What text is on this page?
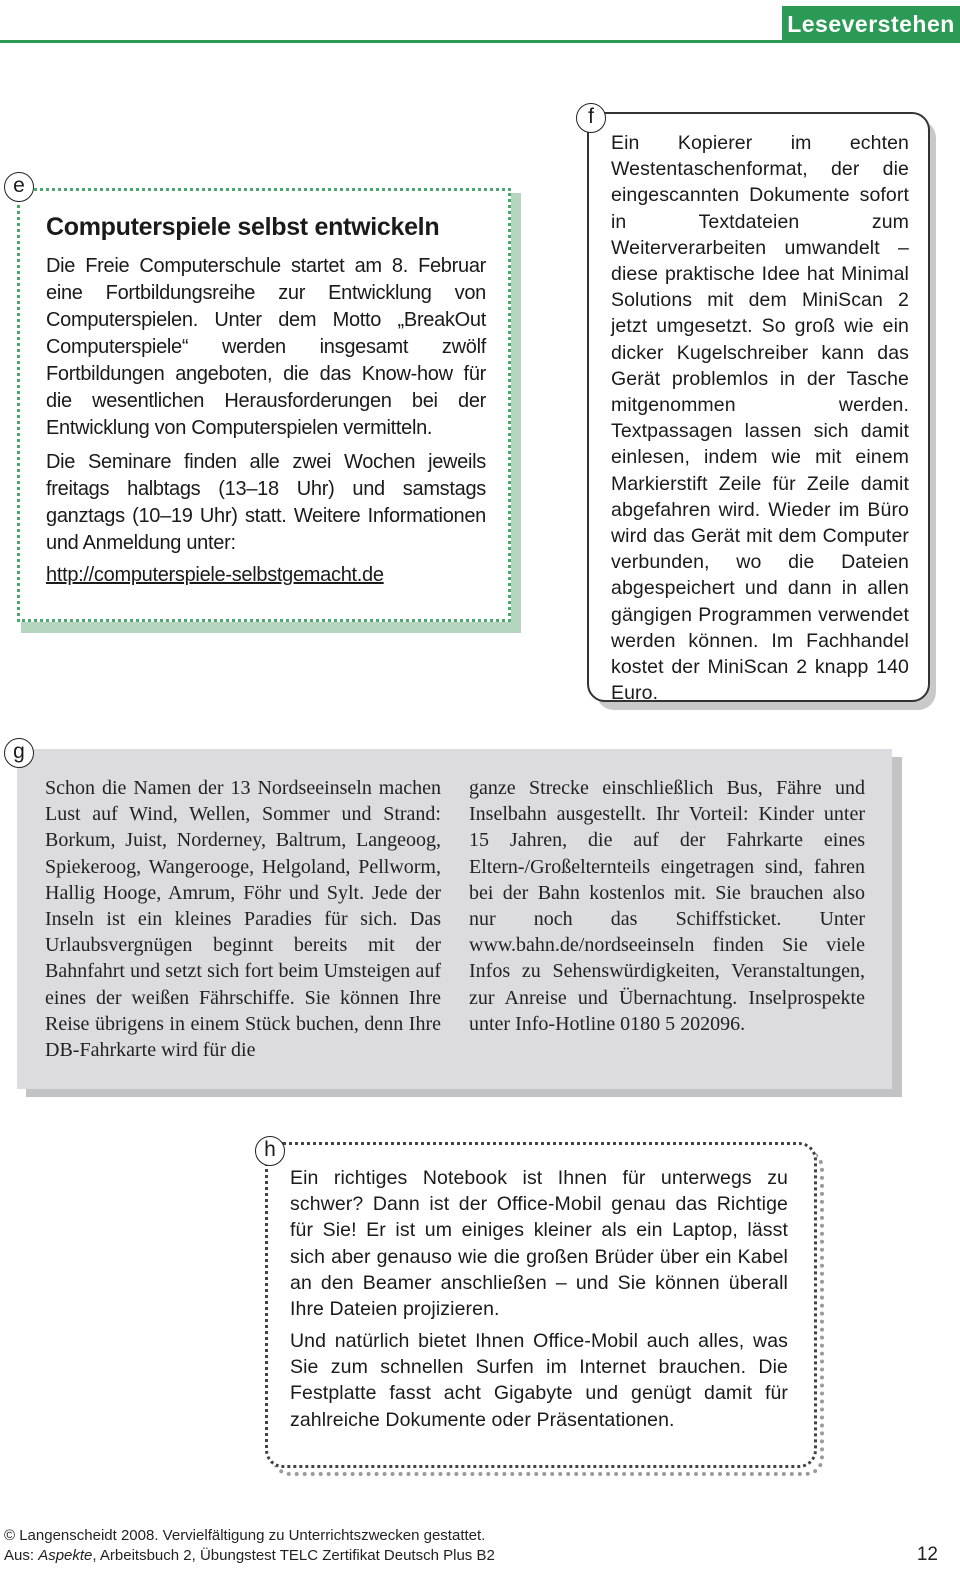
Leseverstehen
e
Computerspiele selbst entwickeln
Die Freie Computerschule startet am 8. Februar eine Fortbildungsreihe zur Entwicklung von Computerspielen. Unter dem Motto „BreakOut Computerspiele“ werden insgesamt zwölf Fortbildungen angeboten, die das Know-how für die wesentlichen Herausforderungen bei der Entwicklung von Computerspielen vermitteln.
Die Seminare finden alle zwei Wochen jeweils freitags halbtags (13–18 Uhr) und samstags ganztags (10–19 Uhr) statt. Weitere Informationen und Anmeldung unter:
http://computerspiele-selbstgemacht.de
Ein Kopierer im echten Westentaschenformat, der die eingescannten Dokumente sofort in Textdateien zum Weiterverarbeiten umwandelt – diese praktische Idee hat Minimal Solutions mit dem MiniScan 2 jetzt umgesetzt. So groß wie ein dicker Kugelschreiber kann das Gerät problemlos in der Tasche mitgenommen werden. Textpassagen lassen sich damit einlesen, indem wie mit einem Markierstift Zeile für Zeile damit abgefahren wird. Wieder im Büro wird das Gerät mit dem Computer verbunden, wo die Dateien abgespeichert und dann in allen gängigen Programmen verwendet werden können. Im Fachhandel kostet der MiniScan 2 knapp 140 Euro.
f
g
Schon die Namen der 13 Nordseeinseln machen Lust auf Wind, Wellen, Sommer und Strand: Borkum, Juist, Norderney, Baltrum, Langeoog, Spiekeroog, Wangerooge, Helgoland, Pellworm, Hallig Hooge, Amrum, Föhr und Sylt. Jede der Inseln ist ein kleines Paradies für sich. Das Urlaubsvergnügen beginnt bereits mit der Bahnfahrt und setzt sich fort beim Umsteigen auf eines der weißen Fährschiffe. Sie können Ihre Reise übrigens in einem Stück buchen, denn Ihre DB-Fahrkarte wird für die
ganze Strecke einschließlich Bus, Fähre und Inselbahn ausgestellt. Ihr Vorteil: Kinder unter 15 Jahren, die auf der Fahrkarte eines Eltern-/Großelternteils eingetragen sind, fahren bei der Bahn kostenlos mit. Sie brauchen also nur noch das Schiffsticket. Unter www.bahn.de/nordseeinseln finden Sie viele Infos zu Sehenswürdigkeiten, Veranstaltungen, zur Anreise und Übernachtung. Inselprospekte unter Info-Hotline 0180 5 202096.
Ein richtiges Notebook ist Ihnen für unterwegs zu schwer? Dann ist der Office-Mobil genau das Richtige für Sie! Er ist um einiges kleiner als ein Laptop, lässt sich aber genauso wie die großen Brüder über ein Kabel an den Beamer anschließen – und Sie können überall Ihre Dateien projizieren.
Und natürlich bietet Ihnen Office-Mobil auch alles, was Sie zum schnellen Surfen im Internet brauchen. Die Festplatte fasst acht Gigabyte und genügt damit für zahlreiche Dokumente oder Präsentationen.
h
© Langenscheidt 2008. Vervielfältigung zu Unterrichtszwecken gestattet.
Aus: Aspekte, Arbeitsbuch 2, Übungstest TELC Zertifikat Deutsch Plus B2	12
